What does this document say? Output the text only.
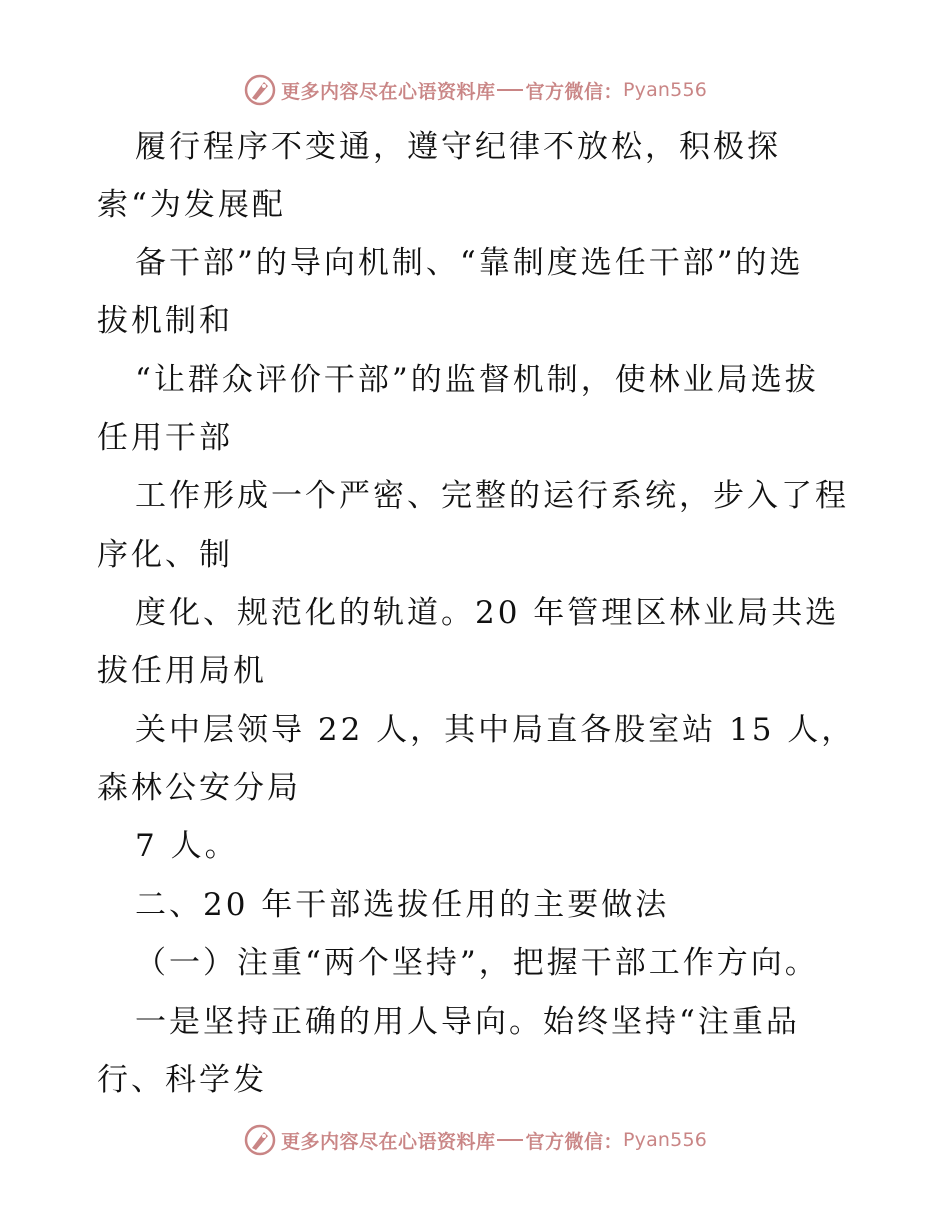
更多内容尽在心语资料库 官方微信： Pyan556
履行程序不变通，遵守纪律不放松，积极探
索“为发展配
备干部”的导向机制、“靠制度选任干部”的选
拔机制和
“让群众评价干部”的监督机制，使林业局选拔
任用干部
工作形成一个严密、完整的运行系统，步入了程
序化、制
度化、规范化的轨道。20 年管理区林业局共选
拔任用局机
关中层领导 22 人，其中局直各股室站 15 人，
森林公安分局
7 人。
二、20 年干部选拔任用的主要做法
（一）注重“两个坚持”，把握干部工作方向。
一是坚持正确的用人导向。始终坚持“注重品
行、科学发
更多内容尽在心语资料库 官方微信： Pyan556
